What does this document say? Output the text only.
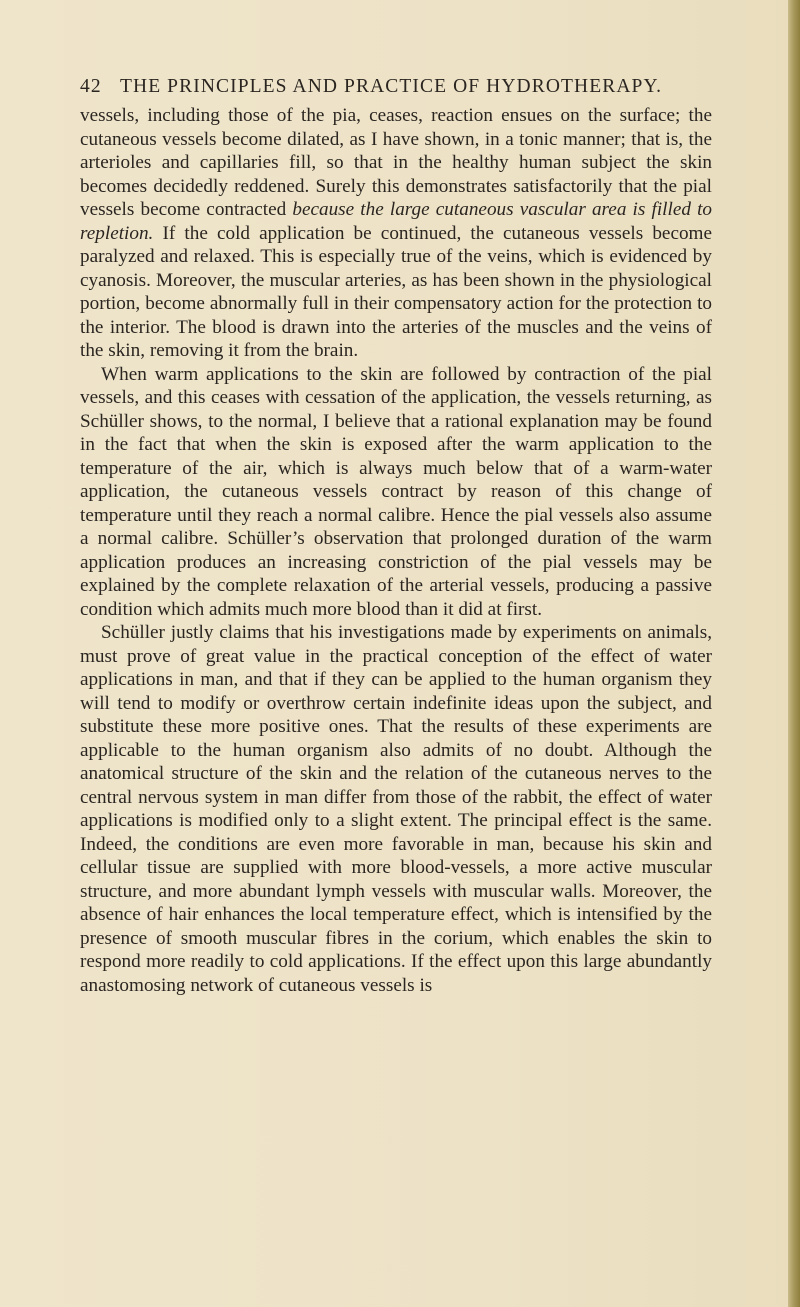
42 THE PRINCIPLES AND PRACTICE OF HYDROTHERAPY.

vessels, including those of the pia, ceases, reaction ensues on the surface; the cutaneous vessels become dilated, as I have shown, in a tonic manner; that is, the arterioles and capillaries fill, so that in the healthy human subject the skin becomes decidedly reddened. Surely this demonstrates satisfactorily that the pial vessels become contracted because the large cutaneous vascular area is filled to repletion. If the cold application be continued, the cutaneous vessels become paralyzed and relaxed. This is especially true of the veins, which is evidenced by cyanosis. Moreover, the muscular arteries, as has been shown in the physiological portion, become abnormally full in their compensatory action for the protection to the interior. The blood is drawn into the arteries of the muscles and the veins of the skin, removing it from the brain.

When warm applications to the skin are followed by contraction of the pial vessels, and this ceases with cessation of the application, the vessels returning, as Schüller shows, to the normal, I believe that a rational explanation may be found in the fact that when the skin is exposed after the warm application to the temperature of the air, which is always much below that of a warm-water application, the cutaneous vessels contract by reason of this change of temperature until they reach a normal calibre. Hence the pial vessels also assume a normal calibre. Schüller’s observation that prolonged duration of the warm application produces an increasing constriction of the pial vessels may be explained by the complete relaxation of the arterial vessels, producing a passive condition which admits much more blood than it did at first.

Schüller justly claims that his investigations made by experiments on animals, must prove of great value in the practical conception of the effect of water applications in man, and that if they can be applied to the human organism they will tend to modify or overthrow certain indefinite ideas upon the subject, and substitute these more positive ones. That the results of these experiments are applicable to the human organism also admits of no doubt. Although the anatomical structure of the skin and the relation of the cutaneous nerves to the central nervous system in man differ from those of the rabbit, the effect of water applications is modified only to a slight extent. The principal effect is the same. Indeed, the conditions are even more favorable in man, because his skin and cellular tissue are supplied with more blood-vessels, a more active muscular structure, and more abundant lymph vessels with muscular walls. Moreover, the absence of hair enhances the local temperature effect, which is intensified by the presence of smooth muscular fibres in the corium, which enables the skin to respond more readily to cold applications. If the effect upon this large abundantly anastomosing network of cutaneous vessels is
